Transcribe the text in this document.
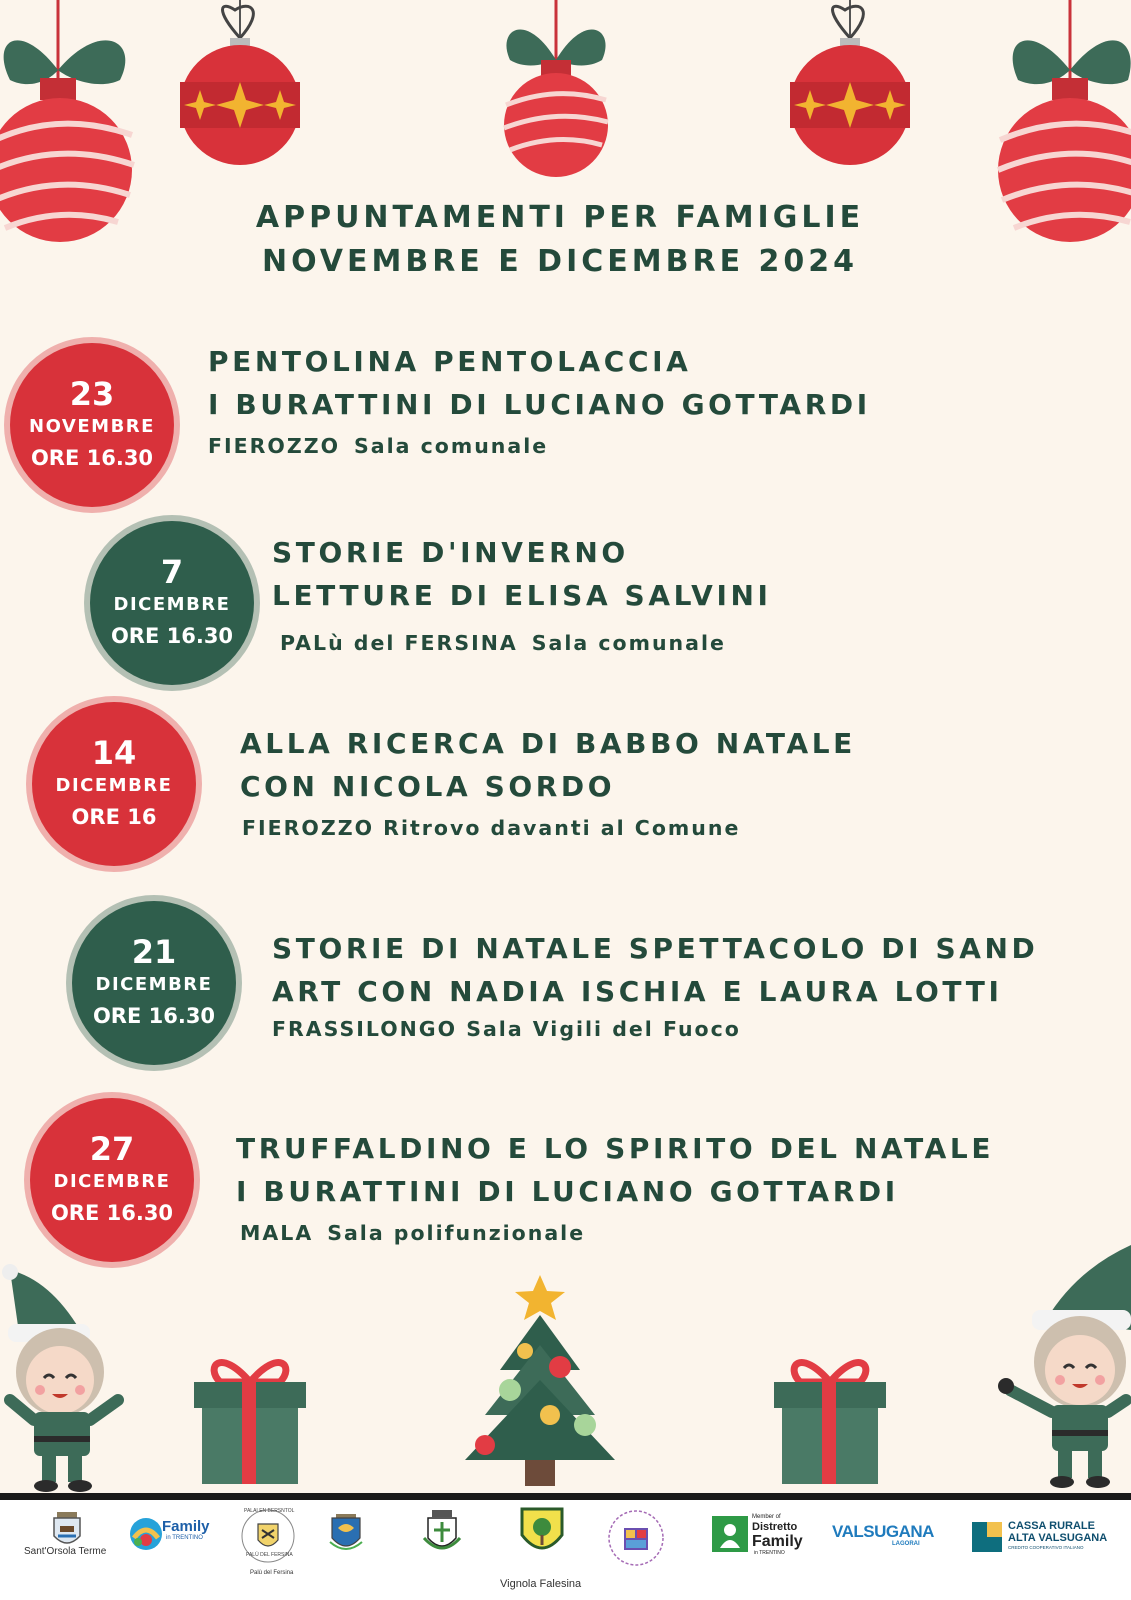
APPUNTAMENTI PER FAMIGLIE
NOVEMBRE E DICEMBRE 2024
23
NOVEMBRE
ORE 16.30
PENTOLINA PENTOLACCIA
I BURATTINI DI LUCIANO GOTTARDI
FIEROZZO Sala comunale
7
DICEMBRE
ORE 16.30
STORIE D'INVERNO
LETTURE DI ELISA SALVINI
PALù del FERSINA Sala comunale
14
DICEMBRE
ORE 16
ALLA RICERCA DI BABBO NATALE
CON NICOLA SORDO
FIEROZZO Ritrovo davanti al Comune
21
DICEMBRE
ORE 16.30
STORIE DI NATALE SPETTACOLO DI SAND
ART CON NADIA ISCHIA E LAURA LOTTI
FRASSILONGO Sala Vigili del Fuoco
27
DICEMBRE
ORE 16.30
TRUFFALDINO E LO SPIRITO DEL NATALE
I BURATTINI DI LUCIANO GOTTARDI
MALA Sala polifunzionale
Sant'Orsola Terme
Family
in TRENTINO
PALAI EN BERSNTOL
PALÙ DEL FERSINA
Palù del Fersina
Vignola Falesina
Member of
Distretto
Family
in TRENTINO
VALSUGANA
LAGORAI
CASSA RURALE
ALTA VALSUGANA
CREDITO COOPERATIVO ITALIANO
